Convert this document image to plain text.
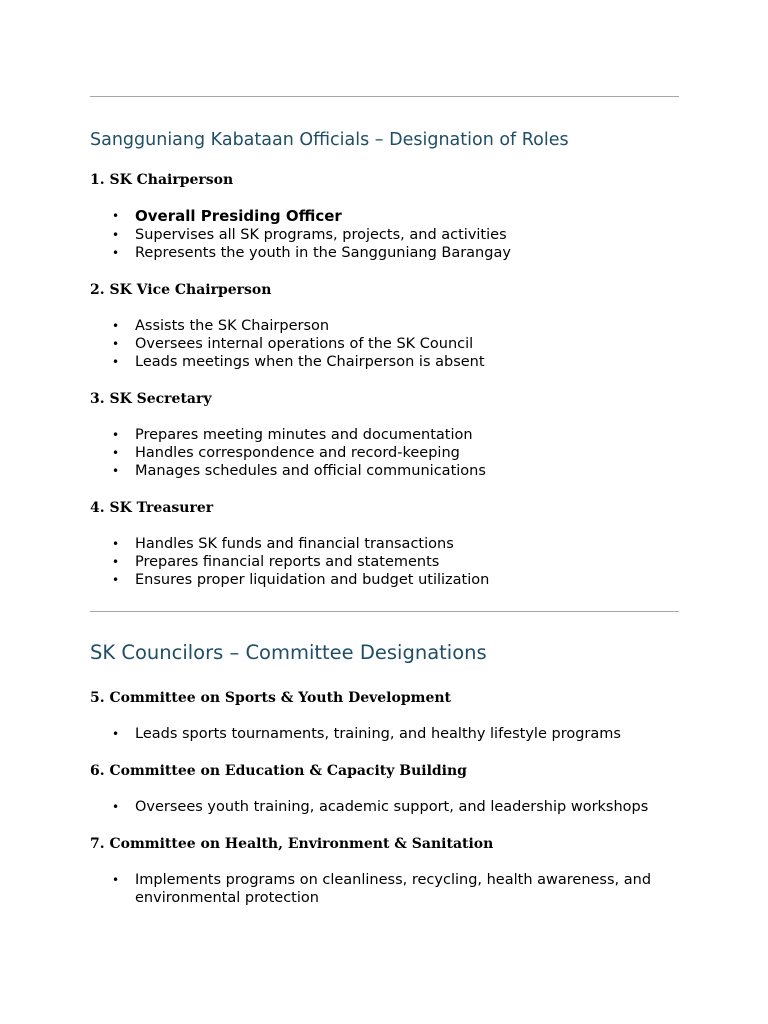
Sangguniang Kabataan Officials – Designation of Roles
1. SK Chairperson
• Overall Presiding Officer
• Supervises all SK programs, projects, and activities
• Represents the youth in the Sangguniang Barangay
2. SK Vice Chairperson
• Assists the SK Chairperson
• Oversees internal operations of the SK Council
• Leads meetings when the Chairperson is absent
3. SK Secretary
• Prepares meeting minutes and documentation
• Handles correspondence and record-keeping
• Manages schedules and official communications
4. SK Treasurer
• Handles SK funds and financial transactions
• Prepares financial reports and statements
• Ensures proper liquidation and budget utilization
SK Councilors – Committee Designations
5. Committee on Sports & Youth Development
• Leads sports tournaments, training, and healthy lifestyle programs
6. Committee on Education & Capacity Building
• Oversees youth training, academic support, and leadership workshops
7. Committee on Health, Environment & Sanitation
• Implements programs on cleanliness, recycling, health awareness, and environmental protection
